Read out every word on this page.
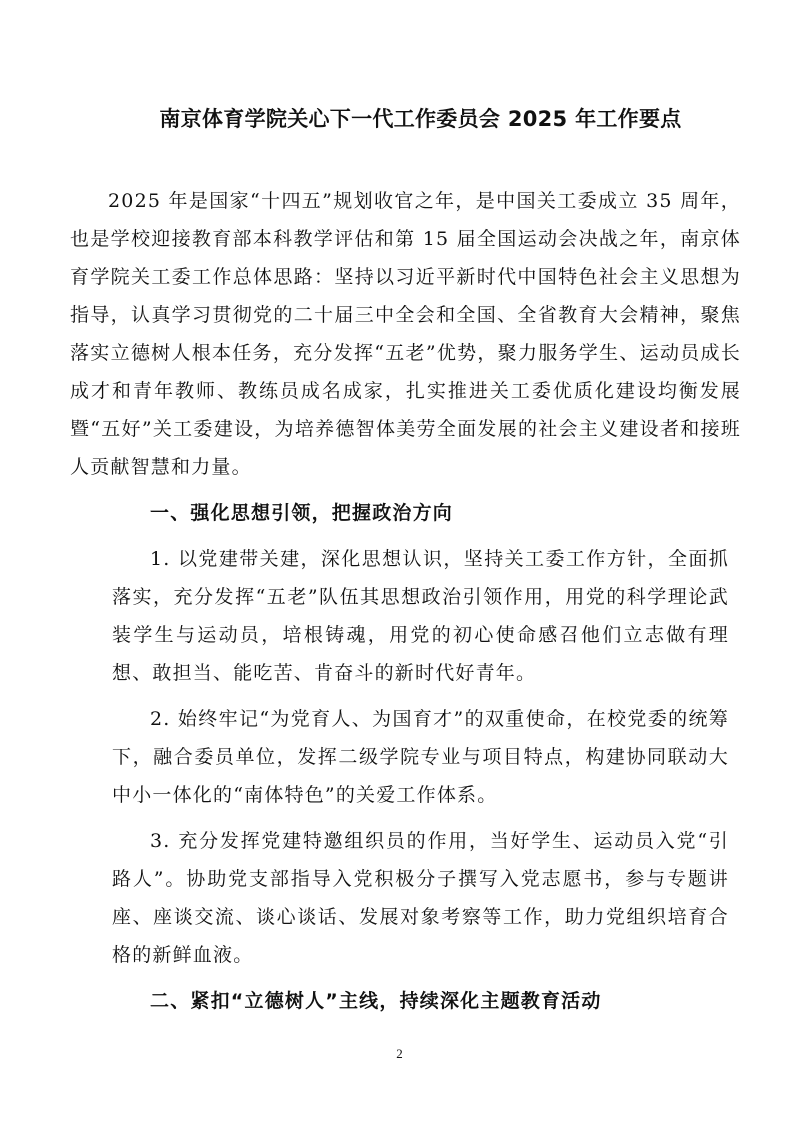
南京体育学院关心下一代工作委员会 2025 年工作要点

2025 年是国家“十四五”规划收官之年，是中国关工委成立 35 周年，也是学校迎接教育部本科教学评估和第 15 届全国运动会决战之年，南京体育学院关工委工作总体思路：坚持以习近平新时代中国特色社会主义思想为指导，认真学习贯彻党的二十届三中全会和全国、全省教育大会精神，聚焦落实立德树人根本任务，充分发挥“五老”优势，聚力服务学生、运动员成长成才和青年教师、教练员成名成家，扎实推进关工委优质化建设均衡发展暨“五好”关工委建设，为培养德智体美劳全面发展的社会主义建设者和接班人贡献智慧和力量。

一、强化思想引领，把握政治方向

1. 以党建带关建，深化思想认识，坚持关工委工作方针，全面抓落实，充分发挥“五老”队伍其思想政治引领作用，用党的科学理论武装学生与运动员，培根铸魂，用党的初心使命感召他们立志做有理想、敢担当、能吃苦、肯奋斗的新时代好青年。

2. 始终牢记“为党育人、为国育才”的双重使命，在校党委的统筹下，融合委员单位，发挥二级学院专业与项目特点，构建协同联动大中小一体化的“南体特色”的关爱工作体系。

3. 充分发挥党建特邀组织员的作用，当好学生、运动员入党“引路人”。协助党支部指导入党积极分子撰写入党志愿书，参与专题讲座、座谈交流、谈心谈话、发展对象考察等工作，助力党组织培育合格的新鲜血液。

二、紧扣“立德树人”主线，持续深化主题教育活动

2
